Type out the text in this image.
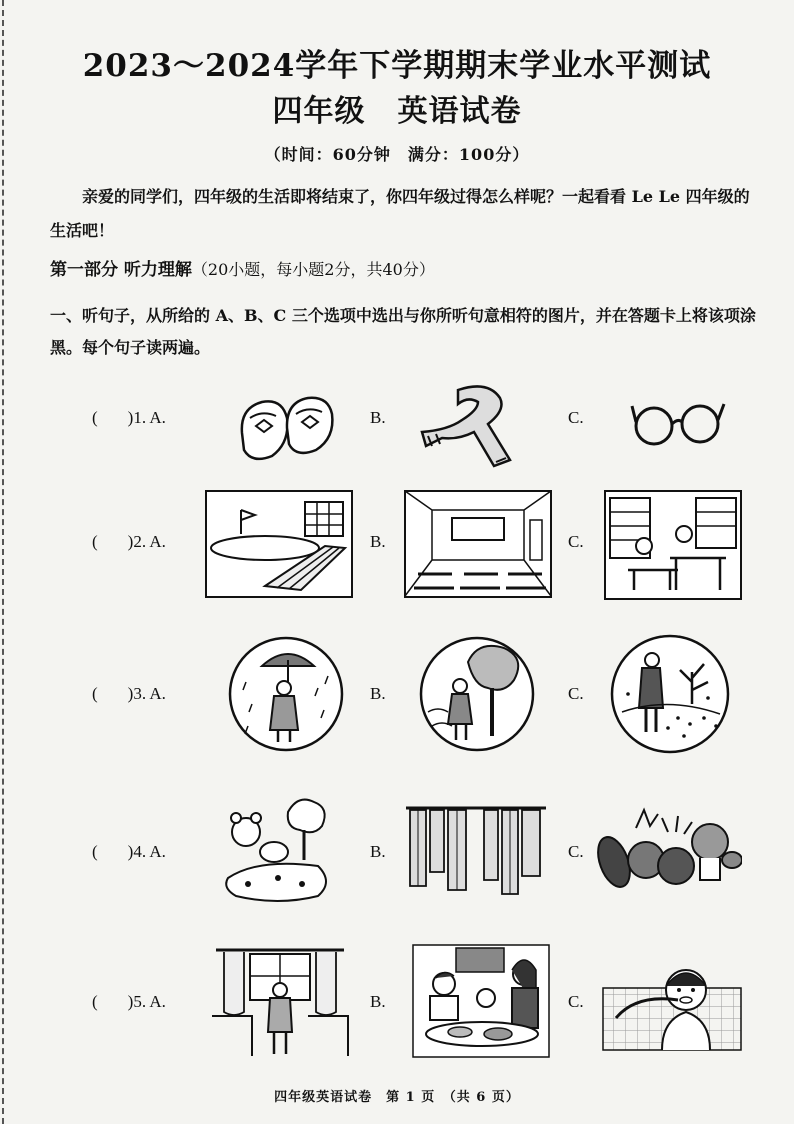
2023～2024学年下学期期末学业水平测试
四年级 英语试卷
（时间：60分钟　满分：100分）
亲爱的同学们，四年级的生活即将结束了，你四年级过得怎么样呢？一起看看 Le Le 四年级的生活吧！
第一部分 听力理解（20小题，每小题2分，共40分）
一、听句子，从所给的 A、B、C 三个选项中选出与你所听句意相符的图片，并在答题卡上将该项涂黑。每个句子读两遍。
( )1. A.	B.	C.
( )2. A.	B.	C.
( )3. A.	B.	C.
( )4. A.	B.	C.
( )5. A.	B.	C.
四年级英语试卷　第 1 页　（共 6 页）
